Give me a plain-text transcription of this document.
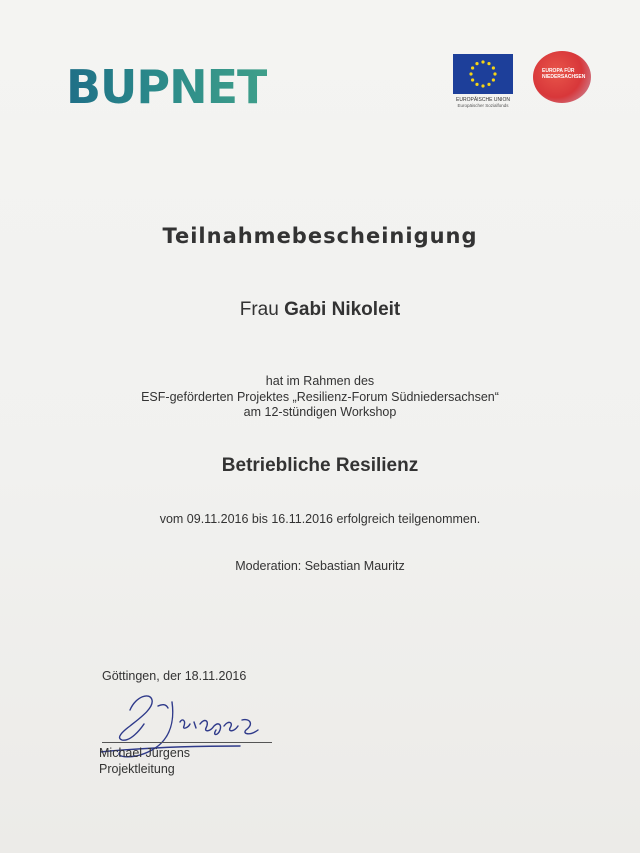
BUPNET	EUROPÄISCHE UNION
Europäischer Sozialfonds
EUROPA FÜR NIEDERSACHSEN
Teilnahmebescheinigung
Frau Gabi Nikoleit
hat im Rahmen des
ESF-geförderten Projektes „Resilienz-Forum Südniedersachsen“
am 12-stündigen Workshop
Betriebliche Resilienz
vom 09.11.2016 bis 16.11.2016 erfolgreich teilgenommen.
Moderation: Sebastian Mauritz
Göttingen, der 18.11.2016
Michael Jürgens
Projektleitung
